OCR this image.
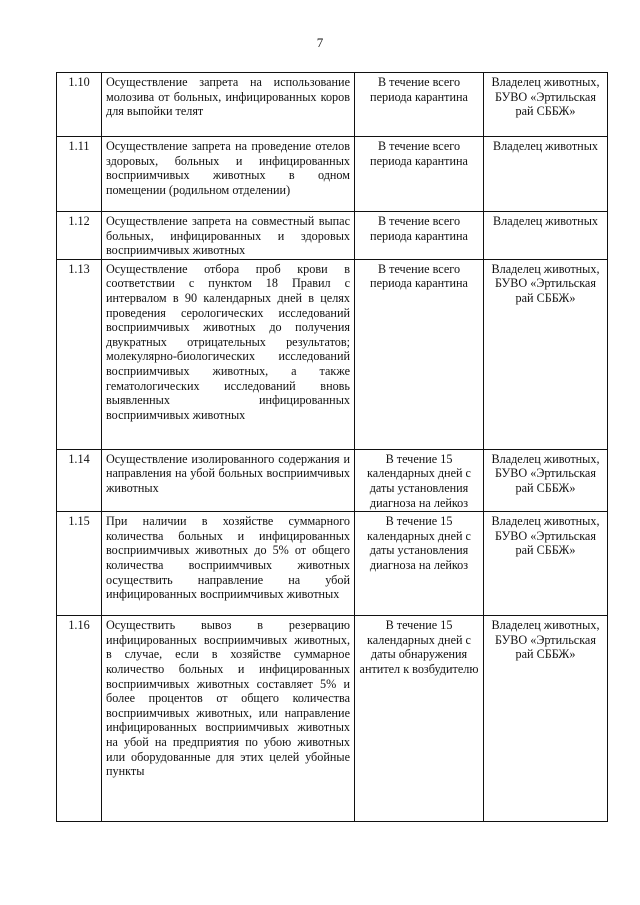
7
1.10	Осуществление запрета на использование молозива от больных, инфицированных коров для выпойки телят	В течение всего периода карантина	Владелец животных, БУВО «Эртильская рай СББЖ»
1.11	Осуществление запрета на проведение отелов здоровых, больных и инфицированных восприимчивых животных в одном помещении (родильном отделении)	В течение всего периода карантина	Владелец животных
1.12	Осуществление запрета на совместный выпас больных, инфицированных и здоровых восприимчивых животных	В течение всего периода карантина	Владелец животных
1.13	Осуществление отбора проб крови в соответствии с пунктом 18 Правил с интервалом в 90 календарных дней в целях проведения серологических исследований восприимчивых животных до получения двукратных отрицательных результатов; молекулярно-биологических исследований восприимчивых животных, а также гематологических исследований вновь выявленных инфицированных восприимчивых животных	В течение всего периода карантина	Владелец животных, БУВО «Эртильская рай СББЖ»
1.14	Осуществление изолированного содержания и направления на убой больных восприимчивых животных	В течение 15 календарных дней с даты установления диагноза на лейкоз	Владелец животных, БУВО «Эртильская рай СББЖ»
1.15	При наличии в хозяйстве суммарного количества больных и инфицированных восприимчивых животных до 5% от общего количества восприимчивых животных осуществить направление на убой инфицированных восприимчивых животных	В течение 15 календарных дней с даты установления диагноза на лейкоз	Владелец животных, БУВО «Эртильская рай СББЖ»
1.16	Осуществить вывоз в резервацию инфицированных восприимчивых животных, в случае, если в хозяйстве суммарное количество больных и инфицированных восприимчивых животных составляет 5% и более процентов от общего количества восприимчивых животных, или направление инфицированных восприимчивых животных на убой на предприятия по убою животных или оборудованные для этих целей убойные пункты	В течение 15 календарных дней с даты обнаружения антител к возбудителю	Владелец животных, БУВО «Эртильская рай СББЖ»
